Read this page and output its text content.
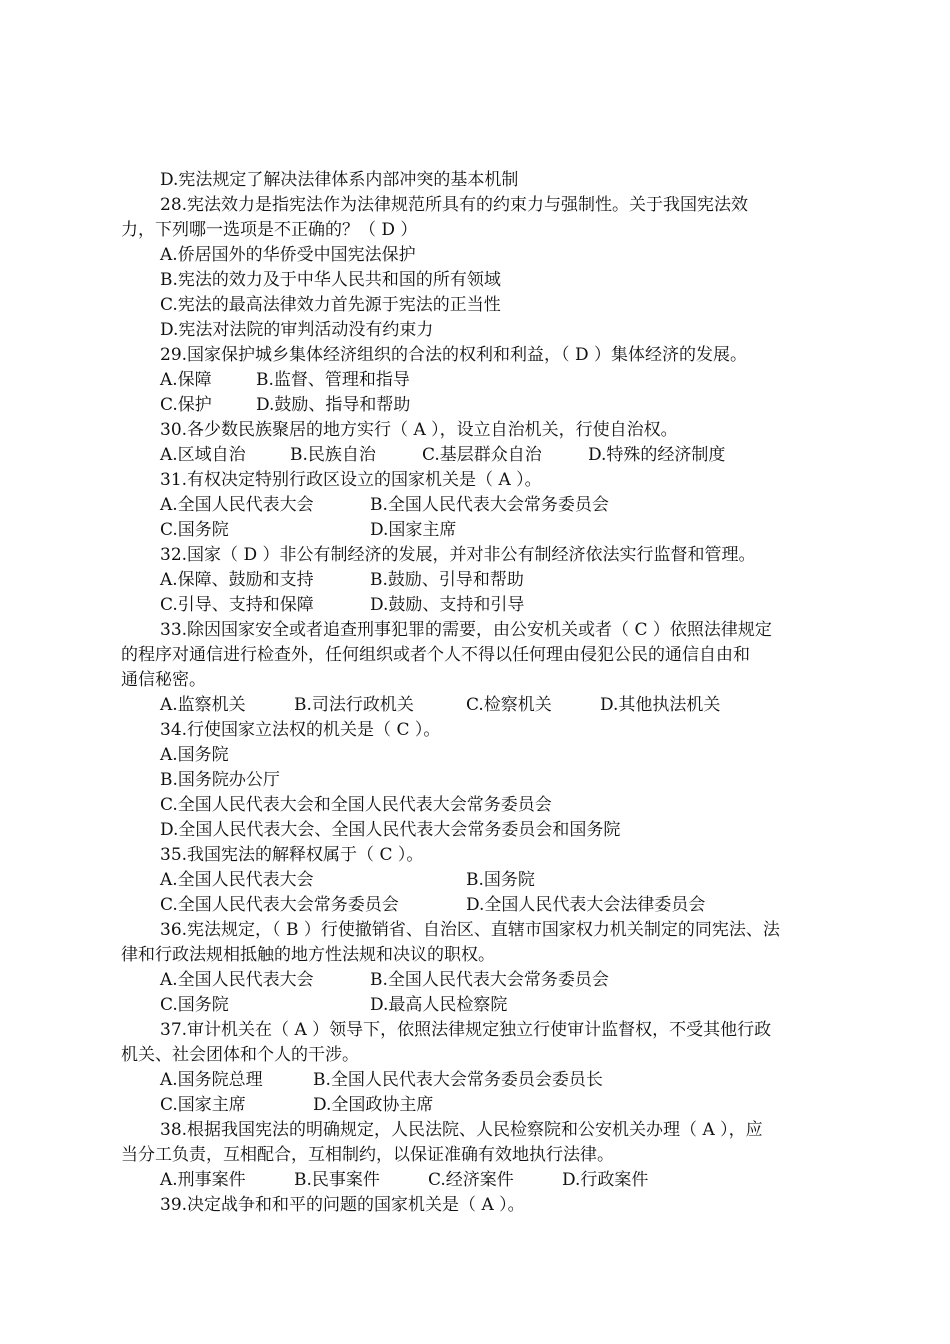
D.宪法规定了解决法律体系内部冲突的基本机制
28.宪法效力是指宪法作为法律规范所具有的约束力与强制性。关于我国宪法效
力，下列哪一选项是不正确的？（ D ）
A.侨居国外的华侨受中国宪法保护
B.宪法的效力及于中华人民共和国的所有领域
C.宪法的最高法律效力首先源于宪法的正当性
D.宪法对法院的审判活动没有约束力
29.国家保护城乡集体经济组织的合法的权利和利益，（ D ）集体经济的发展。
A.保障	B.监督、管理和指导
C.保护	D.鼓励、指导和帮助
30.各少数民族聚居的地方实行（ A ），设立自治机关，行使自治权。
A.区域自治	B.民族自治	C.基层群众自治	D.特殊的经济制度
31.有权决定特别行政区设立的国家机关是（ A ）。
A.全国人民代表大会	B.全国人民代表大会常务委员会
C.国务院	D.国家主席
32.国家（ D ）非公有制经济的发展，并对非公有制经济依法实行监督和管理。
A.保障、鼓励和支持	B.鼓励、引导和帮助
C.引导、支持和保障	D.鼓励、支持和引导
33.除因国家安全或者追查刑事犯罪的需要，由公安机关或者（ C ）依照法律规定
的程序对通信进行检查外，任何组织或者个人不得以任何理由侵犯公民的通信自由和
通信秘密。
A.监察机关	B.司法行政机关	C.检察机关	D.其他执法机关
34.行使国家立法权的机关是（ C ）。
A.国务院
B.国务院办公厅
C.全国人民代表大会和全国人民代表大会常务委员会
D.全国人民代表大会、全国人民代表大会常务委员会和国务院
35.我国宪法的解释权属于（ C ）。
A.全国人民代表大会	B.国务院
C.全国人民代表大会常务委员会	D.全国人民代表大会法律委员会
36.宪法规定，（ B ）行使撤销省、自治区、直辖市国家权力机关制定的同宪法、法
律和行政法规相抵触的地方性法规和决议的职权。
A.全国人民代表大会	B.全国人民代表大会常务委员会
C.国务院	D.最高人民检察院
37.审计机关在（ A ）领导下，依照法律规定独立行使审计监督权，不受其他行政
机关、社会团体和个人的干涉。
A.国务院总理	B.全国人民代表大会常务委员会委员长
C.国家主席	D.全国政协主席
38.根据我国宪法的明确规定，人民法院、人民检察院和公安机关办理（ A ），应
当分工负责，互相配合，互相制约，以保证准确有效地执行法律。
A.刑事案件	B.民事案件	C.经济案件	D.行政案件
39.决定战争和和平的问题的国家机关是（ A ）。
